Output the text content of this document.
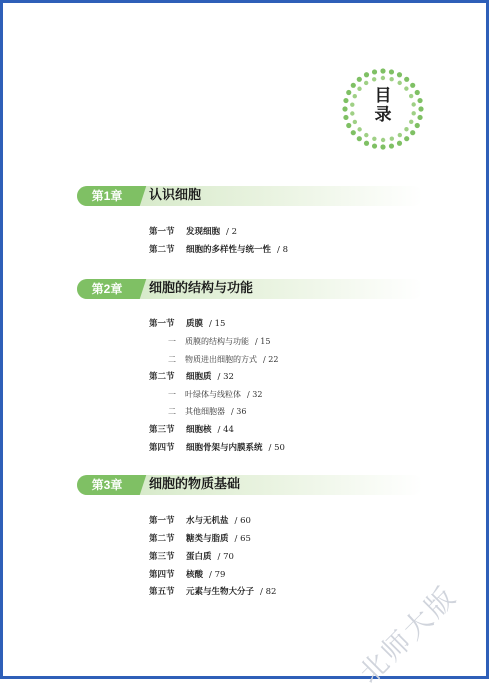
目
录
第1章	认识细胞
第一节 发现细胞 / 2
第二节 细胞的多样性与统一性 / 8
第2章	细胞的结构与功能
第一节 质膜 / 15
一 质膜的结构与功能 / 15
二 物质进出细胞的方式 / 22
第二节 细胞质 / 32
一 叶绿体与线粒体 / 32
二 其他细胞器 / 36
第三节 细胞核 / 44
第四节 细胞骨架与内膜系统 / 50
第3章	细胞的物质基础
第一节 水与无机盐 / 60
第二节 糖类与脂质 / 65
第三节 蛋白质 / 70
第四节 核酸 / 79
第五节 元素与生物大分子 / 82	北师大版
